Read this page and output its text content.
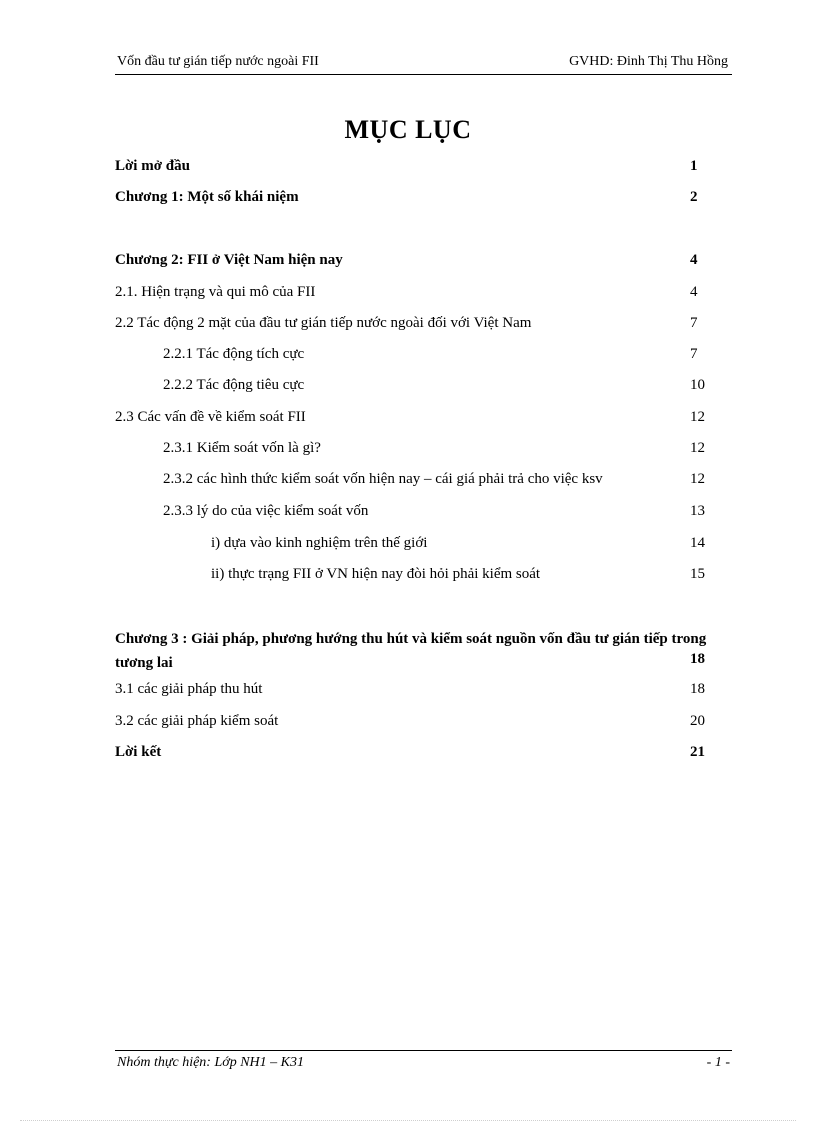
Vốn đầu tư gián tiếp nước ngoài FII	GVHD: Đinh Thị Thu Hồng
MỤC LỤC
Lời mở đầu	1
Chương 1: Một số khái niệm	2
Chương 2: FII ở Việt Nam hiện nay	4
2.1. Hiện trạng và qui mô của FII	4
2.2 Tác động 2 mặt của đầu tư gián tiếp nước ngoài đối với Việt Nam	7
2.2.1 Tác động tích cực	7
2.2.2 Tác động tiêu cực	10
2.3 Các vấn đề về kiểm soát FII	12
2.3.1 Kiểm soát vốn là gì?	12
2.3.2 các hình thức kiểm soát vốn hiện nay – cái giá phải trả cho việc ksv	12
2.3.3 lý do của việc kiểm soát vốn	13
i) dựa vào kinh nghiệm trên thế giới	14
ii) thực trạng FII ở VN hiện nay đòi hỏi phải kiểm soát	15
Chương 3 : Giải pháp, phương hướng thu hút và kiểm soát nguồn vốn đầu tư gián tiếp trong tương lai	18
3.1 các giải pháp thu hút	18
3.2 các giải pháp kiểm soát	20
Lời kết	21
Nhóm thực hiện: Lớp NH1 – K31	- 1 -
